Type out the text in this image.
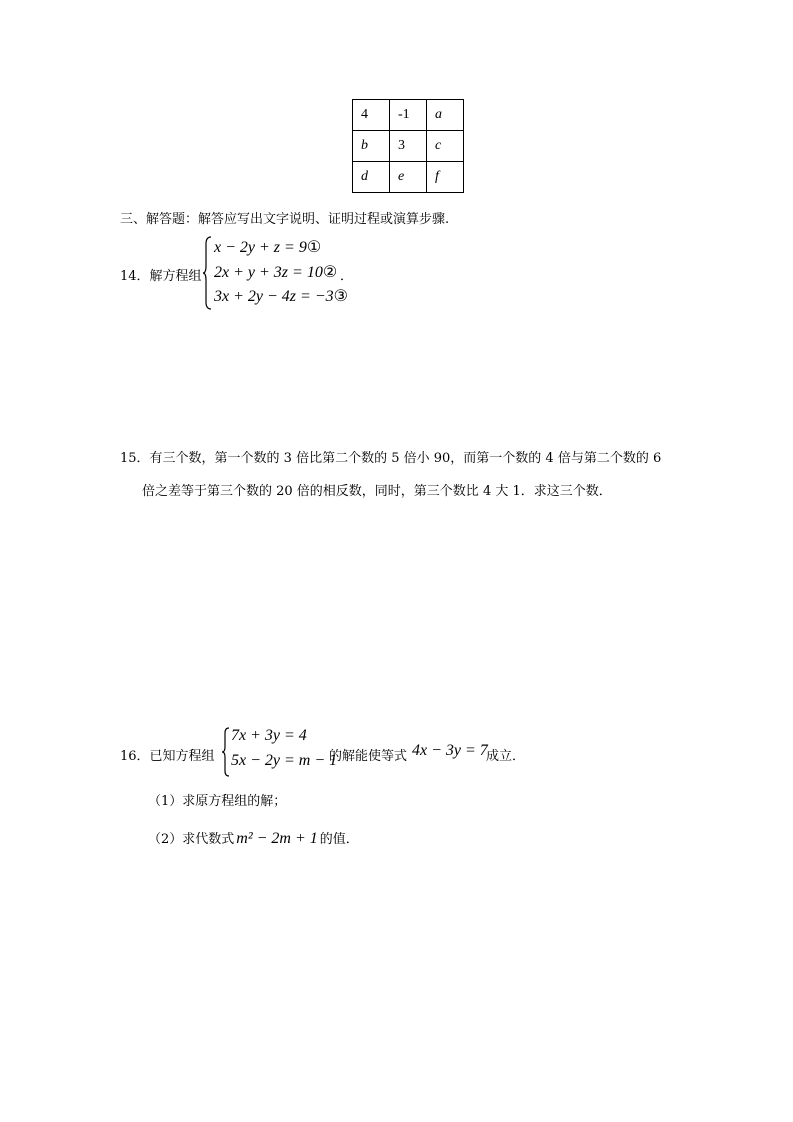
4	-1	a
b	3	c
d	e	f
三、解答题：解答应写出文字说明、证明过程或演算步骤.
14．解方程组
x − 2y + z = 9①
2x + y + 3z = 10②
3x + 2y − 4z = −3③
．
15．有三个数，第一个数的 3 倍比第二个数的 5 倍小 90，而第一个数的 4 倍与第二个数的 6
倍之差等于第三个数的 20 倍的相反数，同时，第三个数比 4 大 1．求这三个数．
16．已知方程组
7x + 3y = 4
5x − 2y = m − 1
的解能使等式 4x − 3y = 7
成立．
（1）求原方程组的解；
（2）求代数式 m² − 2m + 1 的值．
